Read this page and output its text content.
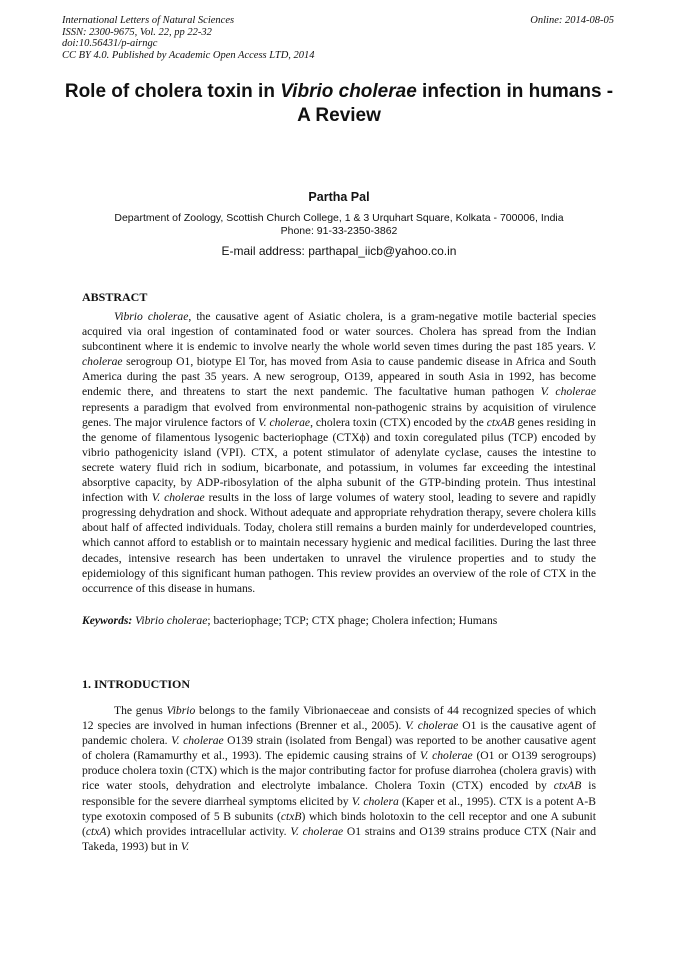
International Letters of Natural Sciences
ISSN: 2300-9675, Vol. 22, pp 22-32
doi:10.56431/p-airngc
CC BY 4.0. Published by Academic Open Access LTD, 2014
Online: 2014-08-05
Role of cholera toxin in Vibrio cholerae infection in humans - A Review
Partha Pal
Department of Zoology, Scottish Church College, 1 & 3 Urquhart Square, Kolkata - 700006, India
Phone: 91-33-2350-3862
E-mail address: parthapal_iicb@yahoo.co.in
ABSTRACT
Vibrio cholerae, the causative agent of Asiatic cholera, is a gram-negative motile bacterial species acquired via oral ingestion of contaminated food or water sources. Cholera has spread from the Indian subcontinent where it is endemic to involve nearly the whole world seven times during the past 185 years. V. cholerae serogroup O1, biotype El Tor, has moved from Asia to cause pandemic disease in Africa and South America during the past 35 years. A new serogroup, O139, appeared in south Asia in 1992, has become endemic there, and threatens to start the next pandemic. The facultative human pathogen V. cholerae represents a paradigm that evolved from environmental non-pathogenic strains by acquisition of virulence genes. The major virulence factors of V. cholerae, cholera toxin (CTX) encoded by the ctxAB genes residing in the genome of filamentous lysogenic bacteriophage (CTXϕ) and toxin coregulated pilus (TCP) encoded by vibrio pathogenicity island (VPI). CTX, a potent stimulator of adenylate cyclase, causes the intestine to secrete watery fluid rich in sodium, bicarbonate, and potassium, in volumes far exceeding the intestinal absorptive capacity, by ADP-ribosylation of the alpha subunit of the GTP-binding protein. Thus intestinal infection with V. cholerae results in the loss of large volumes of watery stool, leading to severe and rapidly progressing dehydration and shock. Without adequate and appropriate rehydration therapy, severe cholera kills about half of affected individuals. Today, cholera still remains a burden mainly for underdeveloped countries, which cannot afford to establish or to maintain necessary hygienic and medical facilities. During the last three decades, intensive research has been undertaken to unravel the virulence properties and to study the epidemiology of this significant human pathogen. This review provides an overview of the role of CTX in the occurrence of this disease in humans.
Keywords: Vibrio cholerae; bacteriophage; TCP; CTX phage; Cholera infection; Humans
1. INTRODUCTION
The genus Vibrio belongs to the family Vibrionaeceae and consists of 44 recognized species of which 12 species are involved in human infections (Brenner et al., 2005). V. cholerae O1 is the causative agent of pandemic cholera. V. cholerae O139 strain (isolated from Bengal) was reported to be another causative agent of cholera (Ramamurthy et al., 1993). The epidemic causing strains of V. cholerae (O1 or O139 serogroups) produce cholera toxin (CTX) which is the major contributing factor for profuse diarrohea (cholera gravis) with rice water stools, dehydration and electrolyte imbalance. Cholera Toxin (CTX) encoded by ctxAB is responsible for the severe diarrheal symptoms elicited by V. cholera (Kaper et al., 1995). CTX is a potent A-B type exotoxin composed of 5 B subunits (ctxB) which binds holotoxin to the cell receptor and one A subunit (ctxA) which provides intracellular activity. V. cholerae O1 strains and O139 strains produce CTX (Nair and Takeda, 1993) but in V.
